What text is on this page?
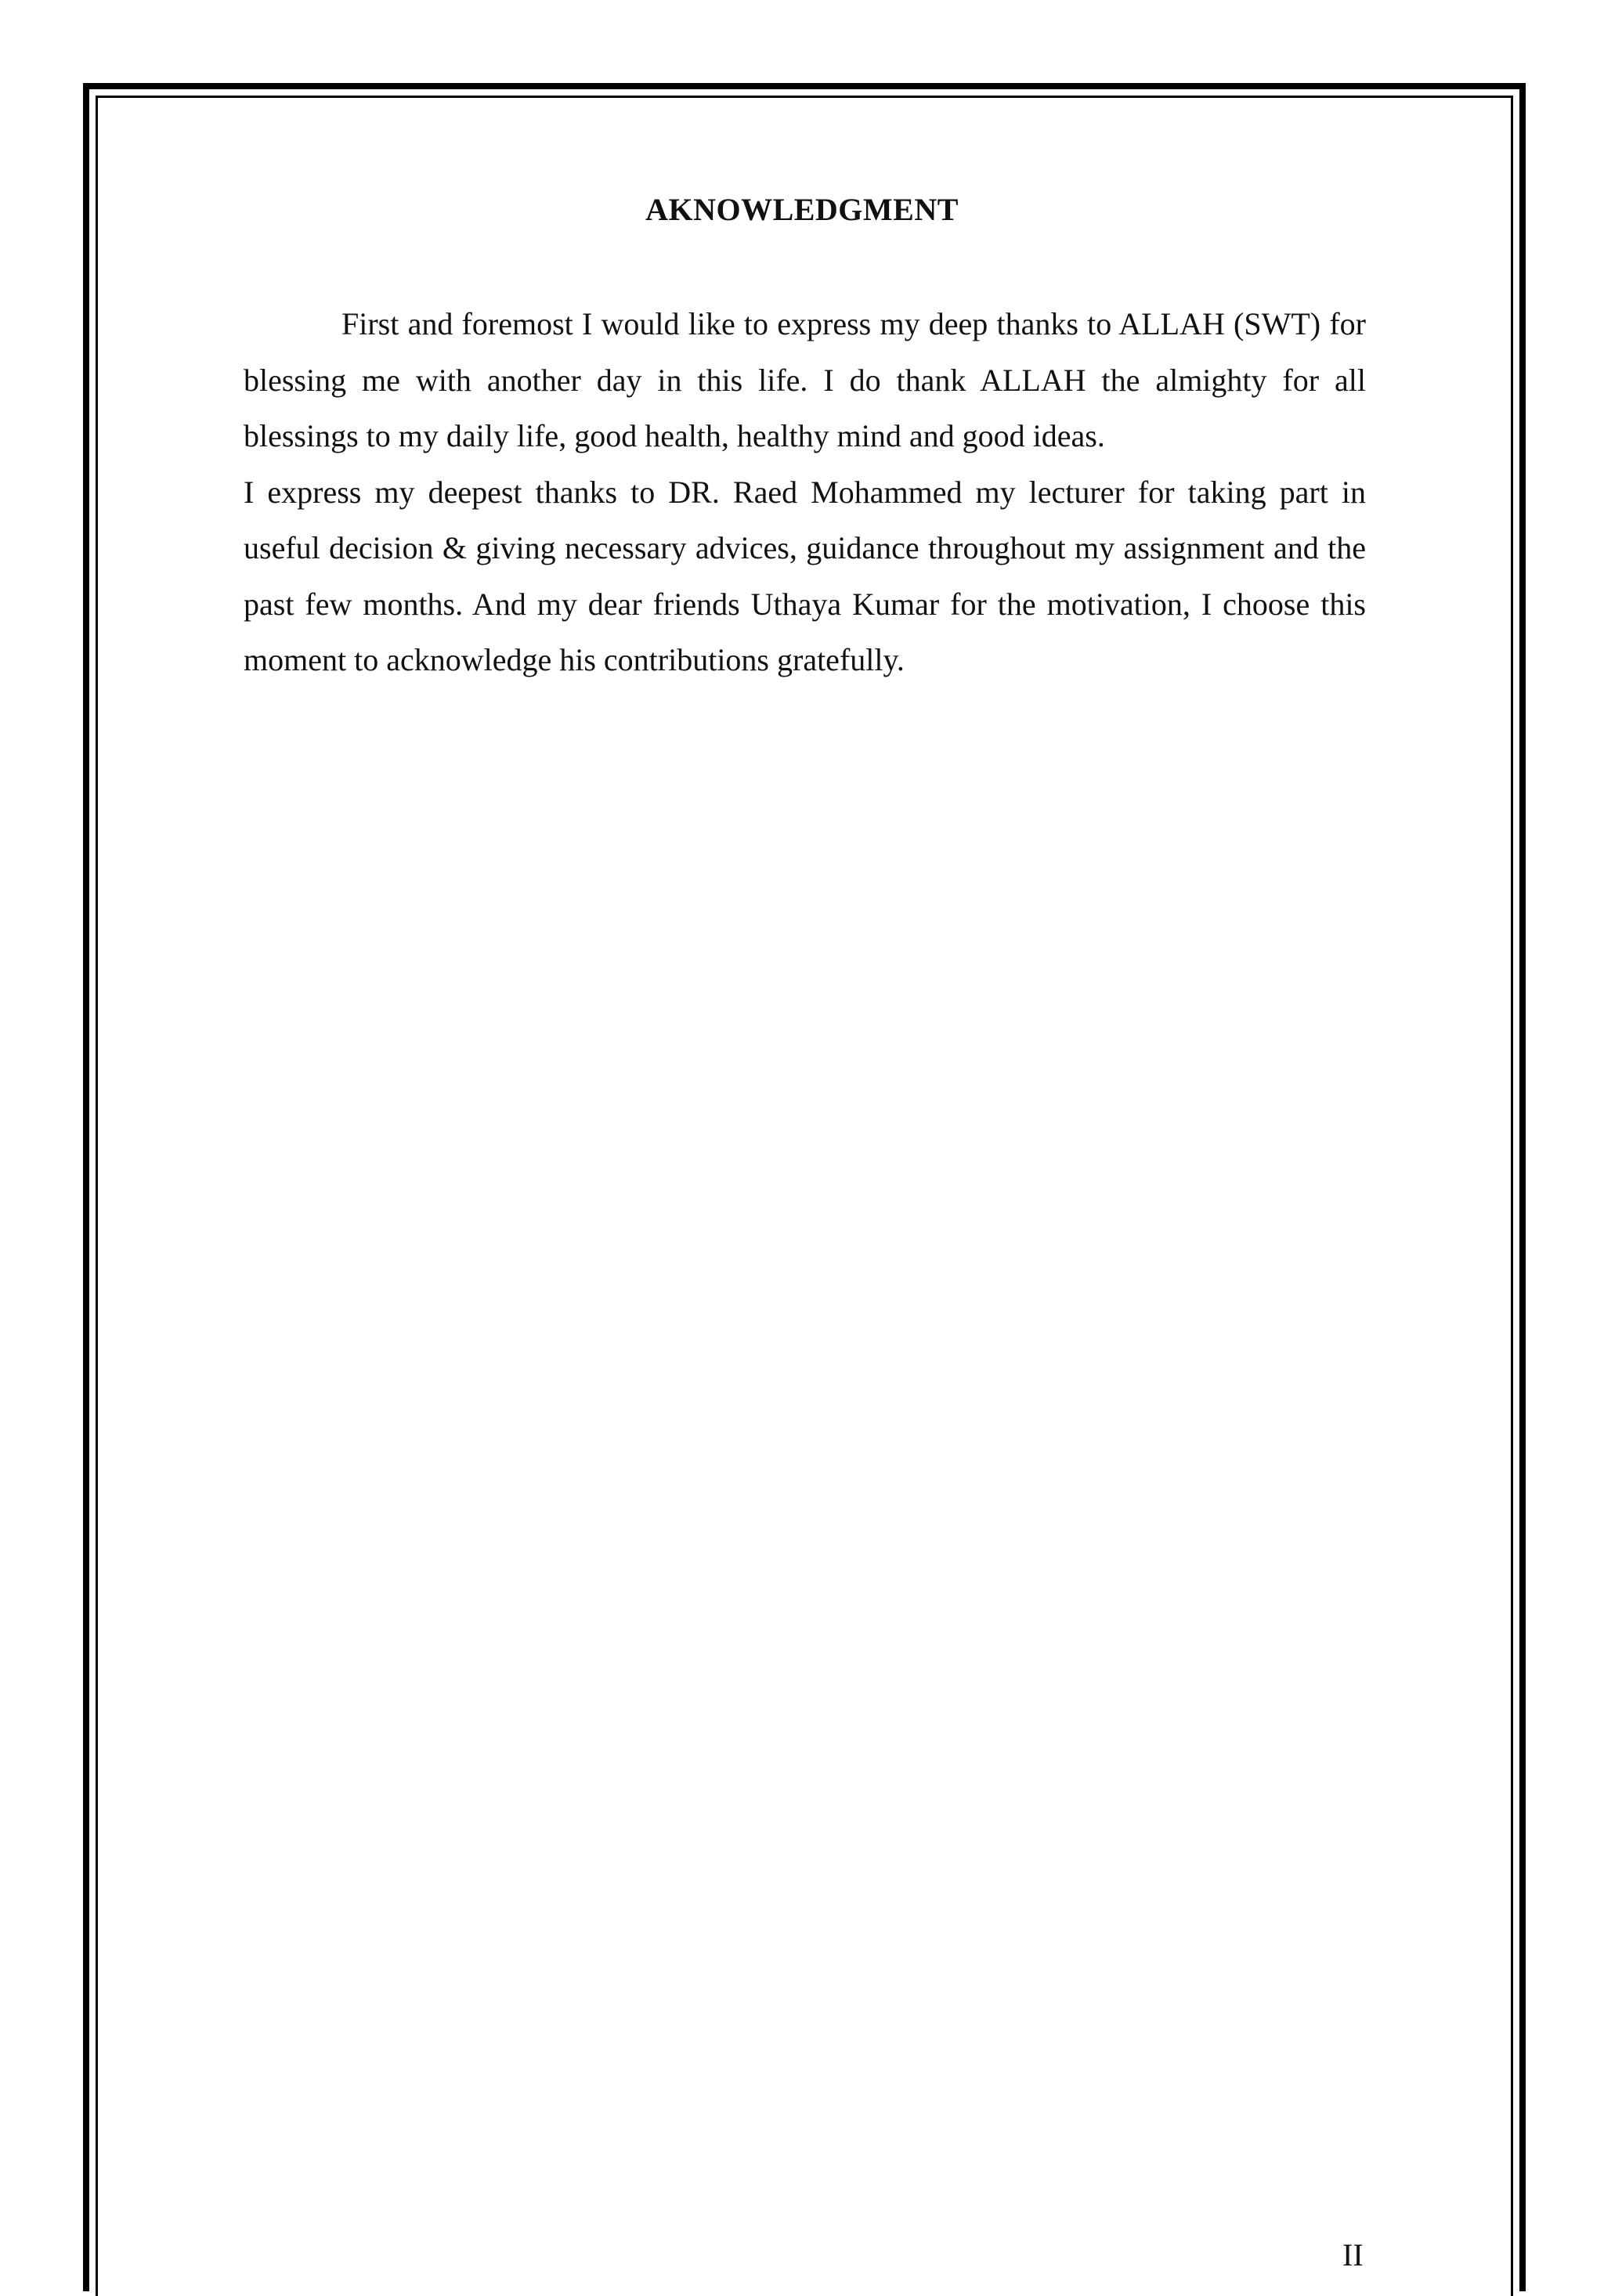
AKNOWLEDGMENT

First and foremost I would like to express my deep thanks to ALLAH (SWT) for blessing me with another day in this life. I do thank ALLAH the almighty for all blessings to my daily life, good health, healthy mind and good ideas.

I express my deepest thanks to DR. Raed Mohammed my lecturer for taking part in useful decision & giving necessary advices, guidance throughout my assignment and the past few months. And my dear friends Uthaya Kumar for the motivation, I choose this moment to acknowledge his contributions gratefully.

II
